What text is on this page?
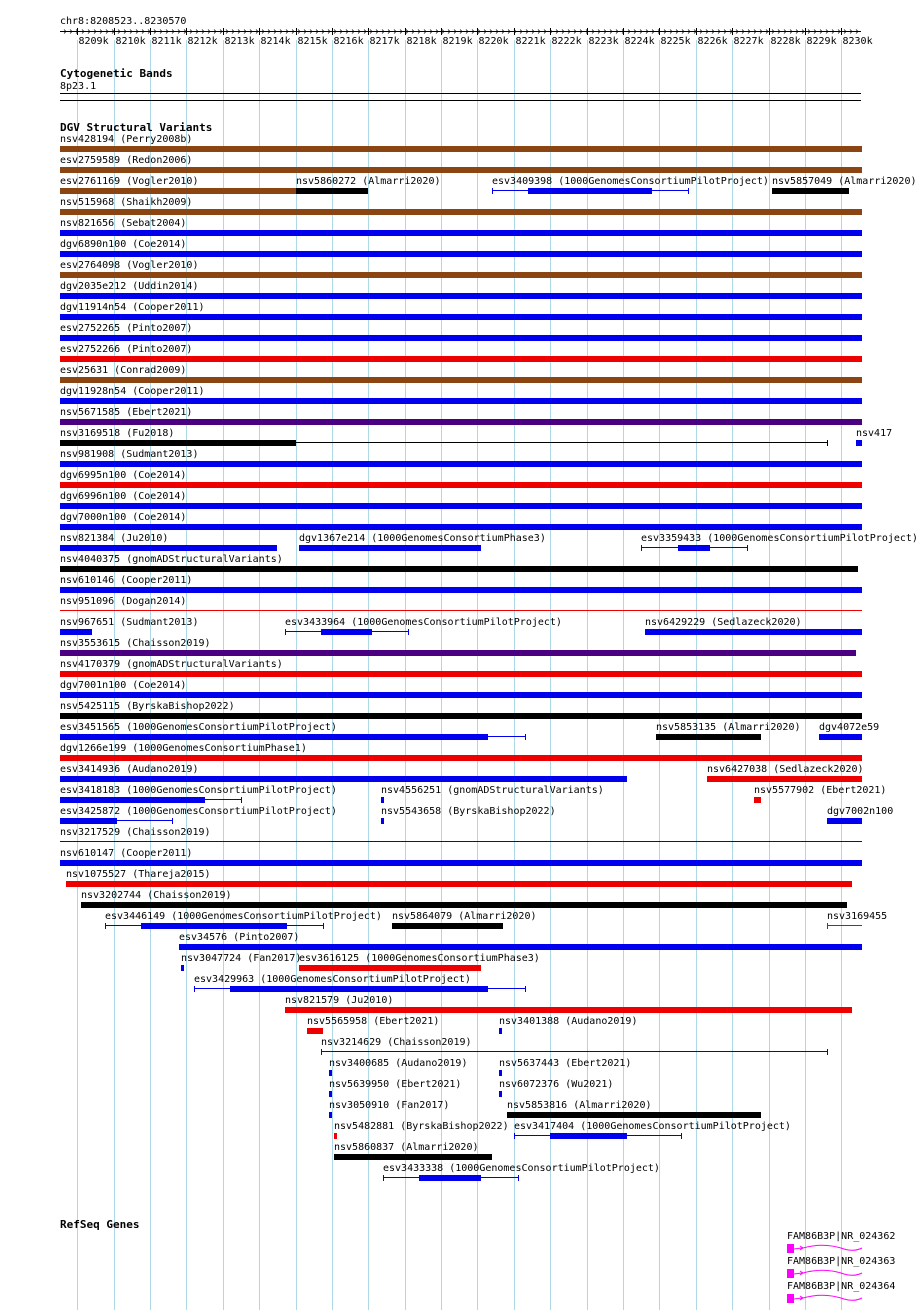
chr8:8208523..8230570
8209k 8210k 8211k 8212k 8213k 8214k 8215k 8216k 8217k 8218k 8219k 8220k 8221k 8222k 8223k 8224k 8225k 8226k 8227k 8228k 8229k 8230k
Cytogenetic Bands
8p23.1
DGV Structural Variants
nsv428194 (Perry2008b)
esv2759589 (Redon2006)
esv2761169 (Vogler2010)	nsv5860272 (Almarri2020)	esv3409398 (1000GenomesConsortiumPilotProject) nsv5857049 (Almarri2020)
nsv515968 (Shaikh2009)
nsv821656 (Sebat2004)
dgv6890n100 (Coe2014)
esv2764098 (Vogler2010)
dgv2035e212 (Uddin2014)
dgv11914n54 (Cooper2011)
esv2752265 (Pinto2007)
esv2752266 (Pinto2007)
esv25631 (Conrad2009)
dgv11928n54 (Cooper2011)
nsv5671585 (Ebert2021)
nsv3169518 (Fu2018)	nsv417
nsv981908 (Sudmant2013)
dgv6995n100 (Coe2014)
dgv6996n100 (Coe2014)
dgv7000n100 (Coe2014)
nsv821384 (Ju2010)	dgv1367e214 (1000GenomesConsortiumPhase3)	esv3359433 (1000GenomesConsortiumPilotProject)
nsv4040375 (gnomADStructuralVariants)
nsv610146 (Cooper2011)
nsv951096 (Dogan2014)
nsv967651 (Sudmant2013)	esv3433964 (1000GenomesConsortiumPilotProject)	nsv6429229 (Sedlazeck2020)
nsv3553615 (Chaisson2019)
nsv4170379 (gnomADStructuralVariants)
dgv7001n100 (Coe2014)
nsv5425115 (ByrskaBishop2022)
esv3451565 (1000GenomesConsortiumPilotProject)	nsv5853135 (Almarri2020) dgv4072e59
dgv1266e199 (1000GenomesConsortiumPhase1)
esv3414936 (Audano2019)	nsv6427038 (Sedlazeck2020)
esv3418183 (1000GenomesConsortiumPilotProject)	nsv4556251 (gnomADStructuralVariants)	nsv5577902 (Ebert2021)
esv3425872 (1000GenomesConsortiumPilotProject)	nsv5543658 (ByrskaBishop2022)	dgv7002n100
nsv3217529 (Chaisson2019)
nsv610147 (Cooper2011)
nsv1075527 (Thareja2015)
nsv3202744 (Chaisson2019)
esv3446149 (1000GenomesConsortiumPilotProject) nsv5864079 (Almarri2020)	nsv3169455
esv34576 (Pinto2007)
nsv3047724 (Fan2017)
esv3616125 (1000GenomesConsortiumPhase3)
esv3429963 (1000GenomesConsortiumPilotProject)
nsv821579 (Ju2010)
nsv5565958 (Ebert2021)	nsv3401388 (Audano2019)
nsv3214629 (Chaisson2019)
nsv3400685 (Audano2019)	nsv5637443 (Ebert2021)
nsv5639950 (Ebert2021)	nsv6072376 (Wu2021)
nsv3050910 (Fan2017)	nsv5853816 (Almarri2020)
nsv5482881 (ByrskaBishop2022) esv3417404 (1000GenomesConsortiumPilotProject)
nsv5860837 (Almarri2020)
esv3433338 (1000GenomesConsortiumPilotProject)
RefSeq Genes
FAM86B3P|NR_024362
FAM86B3P|NR_024363
FAM86B3P|NR_024364
